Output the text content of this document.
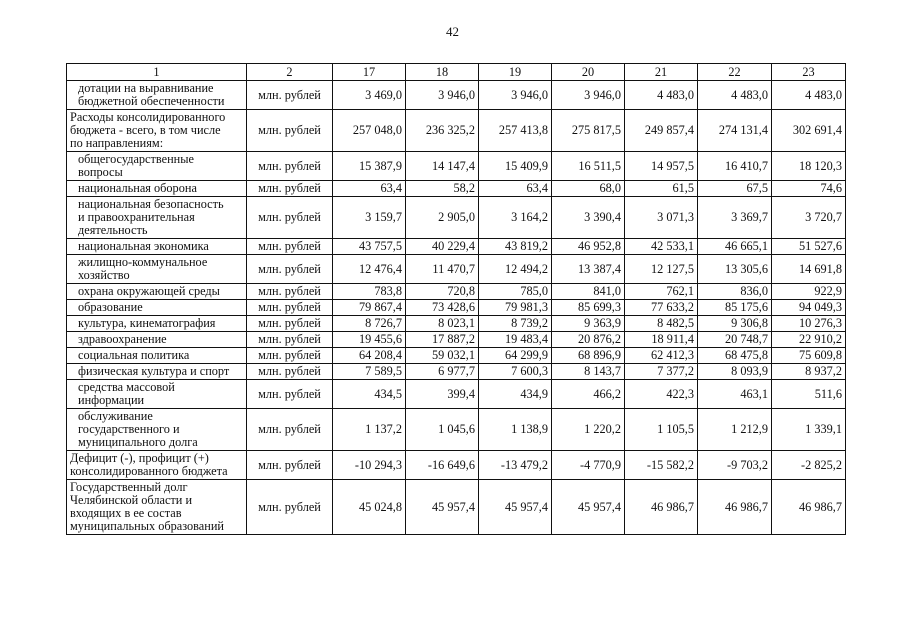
42
1	2	17	18	19	20	21	22	23

дотации на выравнивание
бюджетной обеспеченности	млн. рублей	3 469,0	3 946,0	3 946,0	3 946,0	4 483,0	4 483,0	4 483,0

Расходы консолидированного
бюджета - всего, в том числе
по направлениям:	млн. рублей	257 048,0	236 325,2	257 413,8	275 817,5	249 857,4	274 131,4	302 691,4

общегосударственные
вопросы	млн. рублей	15 387,9	14 147,4	15 409,9	16 511,5	14 957,5	16 410,7	18 120,3

национальная оборона	млн. рублей	63,4	58,2	63,4	68,0	61,5	67,5	74,6

национальная безопасность
и правоохранительная
деятельность	млн. рублей	3 159,7	2 905,0	3 164,2	3 390,4	3 071,3	3 369,7	3 720,7

национальная экономика	млн. рублей	43 757,5	40 229,4	43 819,2	46 952,8	42 533,1	46 665,1	51 527,6

жилищно-коммунальное
хозяйство	млн. рублей	12 476,4	11 470,7	12 494,2	13 387,4	12 127,5	13 305,6	14 691,8

охрана окружающей среды	млн. рублей	783,8	720,8	785,0	841,0	762,1	836,0	922,9

образование	млн. рублей	79 867,4	73 428,6	79 981,3	85 699,3	77 633,2	85 175,6	94 049,3

культура, кинематография	млн. рублей	8 726,7	8 023,1	8 739,2	9 363,9	8 482,5	9 306,8	10 276,3

здравоохранение	млн. рублей	19 455,6	17 887,2	19 483,4	20 876,2	18 911,4	20 748,7	22 910,2

социальная политика	млн. рублей	64 208,4	59 032,1	64 299,9	68 896,9	62 412,3	68 475,8	75 609,8

физическая культура и спорт	млн. рублей	7 589,5	6 977,7	7 600,3	8 143,7	7 377,2	8 093,9	8 937,2

средства массовой
информации	млн. рублей	434,5	399,4	434,9	466,2	422,3	463,1	511,6

обслуживание
государственного и
муниципального долга	млн. рублей	1 137,2	1 045,6	1 138,9	1 220,2	1 105,5	1 212,9	1 339,1

Дефицит (-), профицит (+)
консолидированного бюджета	млн. рублей	-10 294,3	-16 649,6	-13 479,2	-4 770,9	-15 582,2	-9 703,2	-2 825,2

Государственный долг
Челябинской области и
входящих в ее состав
муниципальных образований	млн. рублей	45 024,8	45 957,4	45 957,4	45 957,4	46 986,7	46 986,7	46 986,7
